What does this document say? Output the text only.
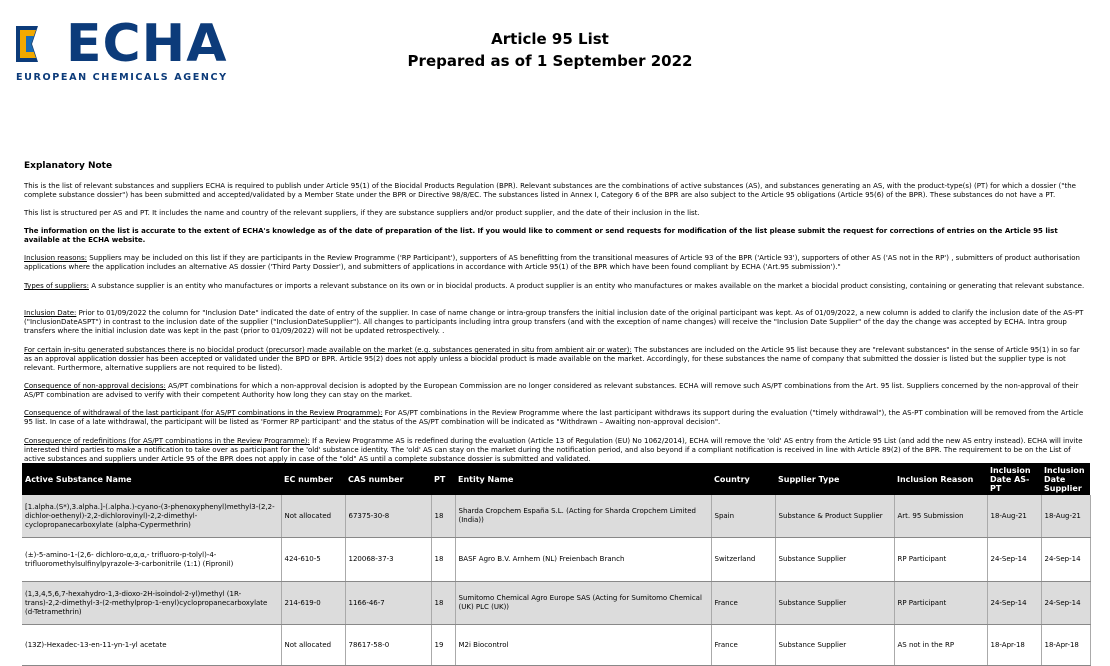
ECHA
EUROPEAN CHEMICALS AGENCY
Article 95 List
Prepared as of 1 September 2022
Explanatory Note

This is the list of relevant substances and suppliers ECHA is required to publish under Article 95(1) of the Biocidal Products Regulation (BPR). Relevant substances are the combinations of active substances (AS), and substances generating an AS, with the product-type(s) (PT) for which a dossier ("the complete substance dossier") has been submitted and accepted/validated by a Member State under the BPR or Directive 98/8/EC. The substances listed in Annex I, Category 6 of the BPR are also subject to the Article 95 obligations (Article 95(6) of the BPR). These substances do not have a PT.

This list is structured per AS and PT. It includes the name and country of the relevant suppliers, if they are substance suppliers and/or product supplier, and the date of their inclusion in the list.

The information on the list is accurate to the extent of ECHA's knowledge as of the date of preparation of the list. If you would like to comment or send requests for modification of the list please submit the request for corrections of entries on the Article 95 list available at the ECHA website.

Inclusion reasons: Suppliers may be included on this list if they are participants in the Review Programme ('RP Participant'), supporters of AS benefitting from the transitional measures of Article 93 of the BPR ('Article 93'), supporters of other AS ('AS not in the RP') , submitters of product authorisation applications where the application includes an alternative AS dossier ('Third Party Dossier'), and submitters of applications in accordance with Article 95(1) of the BPR which have been found compliant by ECHA ('Art.95 submission')."

Types of suppliers: A substance supplier is an entity who manufactures or imports a relevant substance on its own or in biocidal products. A product supplier is an entity who manufactures or makes available on the market a biocidal product consisting, containing or generating that relevant substance.

Inclusion Date: Prior to 01/09/2022 the column for "Inclusion Date" indicated the date of entry of the supplier. In case of name change or intra-group transfers the initial inclusion date of the original participant was kept. As of 01/09/2022, a new column is added to clarify the inclusion date of the AS-PT ("InclusionDateASPT") in contrast to the inclusion date of the supplier ("InclusionDateSupplier"). All changes to participants including intra group transfers (and with the exception of name changes) will receive the "Inclusion Date Supplier" of the day the change was accepted by ECHA. Intra group transfers where the initial inclusion date was kept in the past (prior to 01/09/2022) will not be updated retrospectively. .

For certain in-situ generated substances there is no biocidal product (precursor) made available on the market (e.g. substances generated in situ from ambient air or water): The substances are included on the Article 95 list because they are "relevant substances" in the sense of Article 95(1) in so far as an approval application dossier has been accepted or validated under the BPD or BPR. Article 95(2) does not apply unless a biocidal product is made available on the market. Accordingly, for these substances the name of company that submitted the dossier is listed but the supplier type is not relevant. Furthermore, alternative suppliers are not required to be listed).

Consequence of non-approval decisions: AS/PT combinations for which a non-approval decision is adopted by the European Commission are no longer considered as relevant substances. ECHA will remove such AS/PT combinations from the Art. 95 list. Suppliers concerned by the non-approval of their AS/PT combination are advised to verify with their competent Authority how long they can stay on the market.

Consequence of withdrawal of the last participant (for AS/PT combinations in the Review Programme): For AS/PT combinations in the Review Programme where the last participant withdraws its support during the evaluation ("timely withdrawal"), the AS-PT combination will be removed from the Article 95 list. In case of a late withdrawal, the participant will be listed as 'Former RP participant' and the status of the AS/PT combination will be indicated as "Withdrawn – Awaiting non-approval decision".

Consequence of redefinitions (for AS/PT combinations in the Review Programme): If a Review Programme AS is redefined during the evaluation (Article 13 of Regulation (EU) No 1062/2014), ECHA will remove the 'old' AS entry from the Article 95 List (and add the new AS entry instead). ECHA will invite interested third parties to make a notification to take over as participant for the 'old' substance identity. The 'old' AS can stay on the market during the notification period, and also beyond if a compliant notification is received in line with Article 89(2) of the BPR. The requirement to be on the List of active substances and suppliers under Article 95 of the BPR does not apply in case of the "old" AS until a complete substance dossier is submitted and validated.

Active Substance Name	EC number	CAS number	PT	Entity Name	Country	Supplier Type	Inclusion Reason	Inclusion Date AS-PT	Inclusion Date Supplier
[1.alpha.(S*),3.alpha.]-(.alpha.)-cyano-(3-phenoxyphenyl)methyl3-(2,2-dichlor-oethenyl)-2,2-dichlorovinyl)-2,2-dimethyl-cyclopropanecarboxylate (alpha-Cypermethrin)	Not allocated	67375-30-8	18	Sharda Cropchem España S.L. (Acting for Sharda Cropchem Limited (India))	Spain	Substance & Product Supplier	Art. 95 Submission	18-Aug-21	18-Aug-21
(±)-5-amino-1-(2,6- dichloro-α,α,α,- trifluoro-p-tolyl)-4-trifluoromethylsulfinylpyrazole-3-carbonitrile (1:1) (Fipronil)	424-610-5	120068-37-3	18	BASF Agro B.V. Arnhem (NL) Freienbach Branch	Switzerland	Substance Supplier	RP Participant	24-Sep-14	24-Sep-14
(1,3,4,5,6,7-hexahydro-1,3-dioxo-2H-isoindol-2-yl)methyl (1R-trans)-2,2-dimethyl-3-(2-methylprop-1-enyl)cyclopropanecarboxylate (d-Tetramethrin)	214-619-0	1166-46-7	18	Sumitomo Chemical Agro Europe SAS (Acting for Sumitomo Chemical (UK) PLC (UK))	France	Substance Supplier	RP Participant	24-Sep-14	24-Sep-14
(13Z)-Hexadec-13-en-11-yn-1-yl acetate	Not allocated	78617-58-0	19	M2i Biocontrol	France	Substance Supplier	AS not in the RP	18-Apr-18	18-Apr-18
